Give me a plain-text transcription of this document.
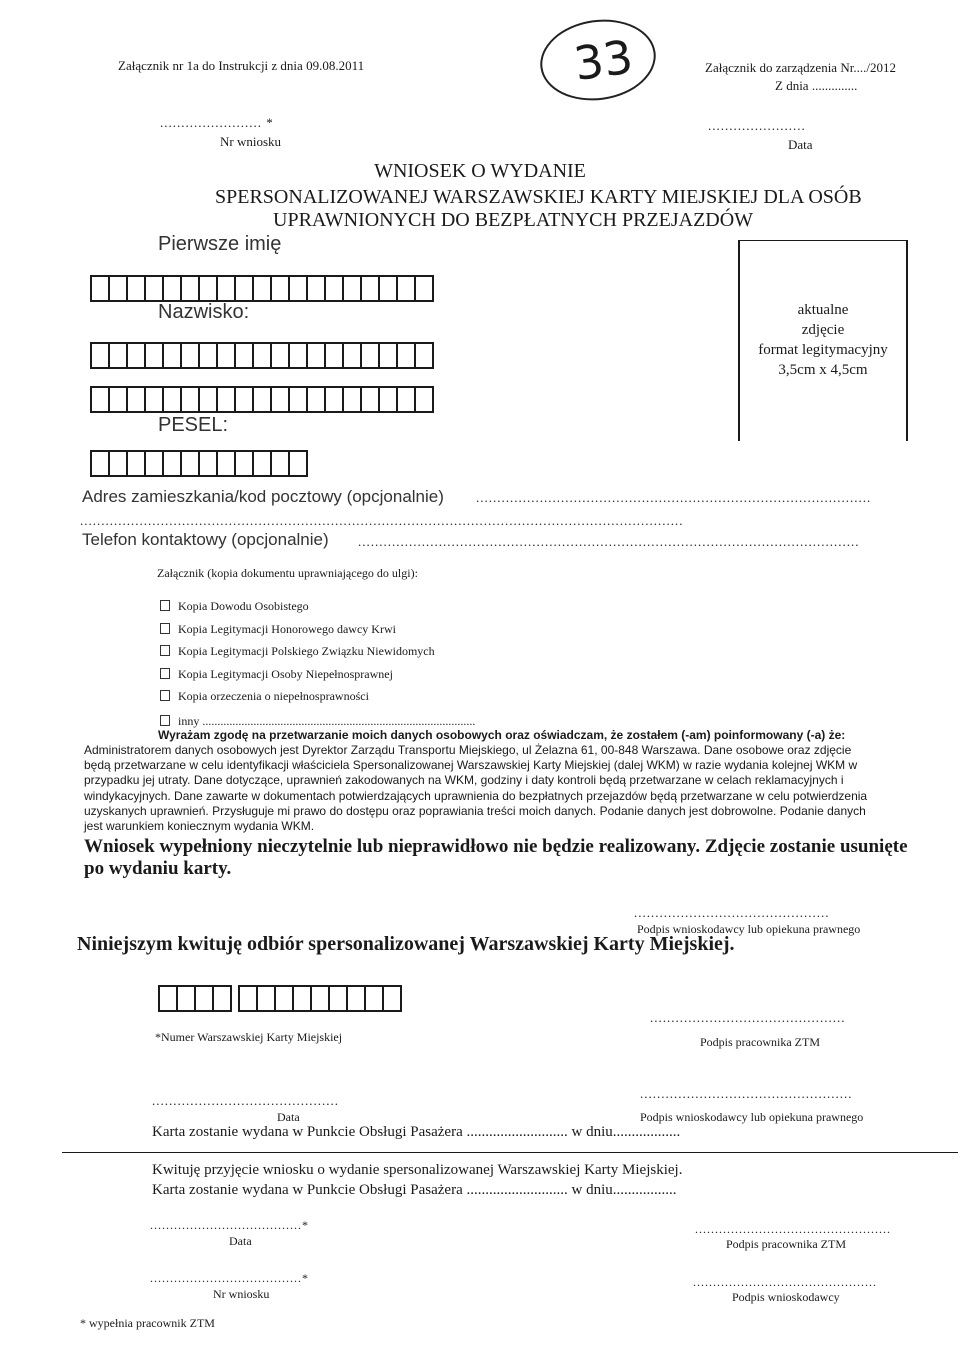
Załącznik nr 1a do Instrukcji z dnia 09.08.2011	33	Załącznik do zarządzenia Nr..../2012
Z dnia ..............
........................ *
Nr wniosku
.......................
Data
WNIOSEK O WYDANIE
SPERSONALIZOWANEJ WARSZAWSKIEJ KARTY MIEJSKIEJ DLA OSÓB
UPRAWNIONYCH DO BEZPŁATNYCH PRZEJAZDÓW
Pierwsze imię
Nazwisko:
PESEL:
aktualne
zdjęcie
format legitymacyjny
3,5cm x 4,5cm
Adres zamieszkania/kod pocztowy (opcjonalnie) .............................................................................................
..............................................................................................................................................
Telefon kontaktowy (opcjonalnie) ......................................................................................................................
Załącznik (kopia dokumentu uprawniającego do ulgi):
Kopia Dowodu Osobistego
Kopia Legitymacji Honorowego dawcy Krwi
Kopia Legitymacji Polskiego Związku Niewidomych
Kopia Legitymacji Osoby Niepełnosprawnej
Kopia orzeczenia o niepełnosprawności
inny ...........................................................................................
Wyrażam zgodę na przetwarzanie moich danych osobowych oraz oświadczam, że zostałem (-am) poinformowany (-a) że:
Administratorem danych osobowych jest Dyrektor Zarządu Transportu Miejskiego, ul Żelazna 61, 00-848 Warszawa. Dane osobowe oraz zdjęcie
będą przetwarzane w celu identyfikacji właściciela Spersonalizowanej Warszawskiej Karty Miejskiej (dalej WKM) w razie wydania kolejnej WKM w
przypadku jej utraty. Dane dotyczące, uprawnień zakodowanych na WKM, godziny i daty kontroli będą przetwarzane w celach reklamacyjnych i
windykacyjnych. Dane zawarte w dokumentach potwierdzających uprawnienia do bezpłatnych przejazdów będą przetwarzane w celu potwierdzenia
uzyskanych uprawnień. Przysługuje mi prawo do dostępu oraz poprawiania treści moich danych. Podanie danych jest dobrowolne. Podanie danych
jest warunkiem koniecznym wydania WKM.
Wniosek wypełniony nieczytelnie lub nieprawidłowo nie będzie realizowany. Zdjęcie zostanie usunięte
po wydaniu karty.
..............................................
Podpis wnioskodawcy lub opiekuna prawnego
Niniejszym kwituję odbiór spersonalizowanej Warszawskiej Karty Miejskiej.
..............................................
*Numer Warszawskiej Karty Miejskiej	Podpis pracownika ZTM
............................................	..................................................
Data	Podpis wnioskodawcy lub opiekuna prawnego
Karta zostanie wydana w Punkcie Obsługi Pasażera ........................... w dniu..................
Kwituję przyjęcie wniosku o wydanie spersonalizowanej Warszawskiej Karty Miejskiej.
Karta zostanie wydana w Punkcie Obsługi Pasażera ........................... w dniu.................
......................................*	.................................................
Data	Podpis pracownika ZTM
......................................*	..............................................
Nr wniosku	Podpis wnioskodawcy
* wypełnia pracownik ZTM
